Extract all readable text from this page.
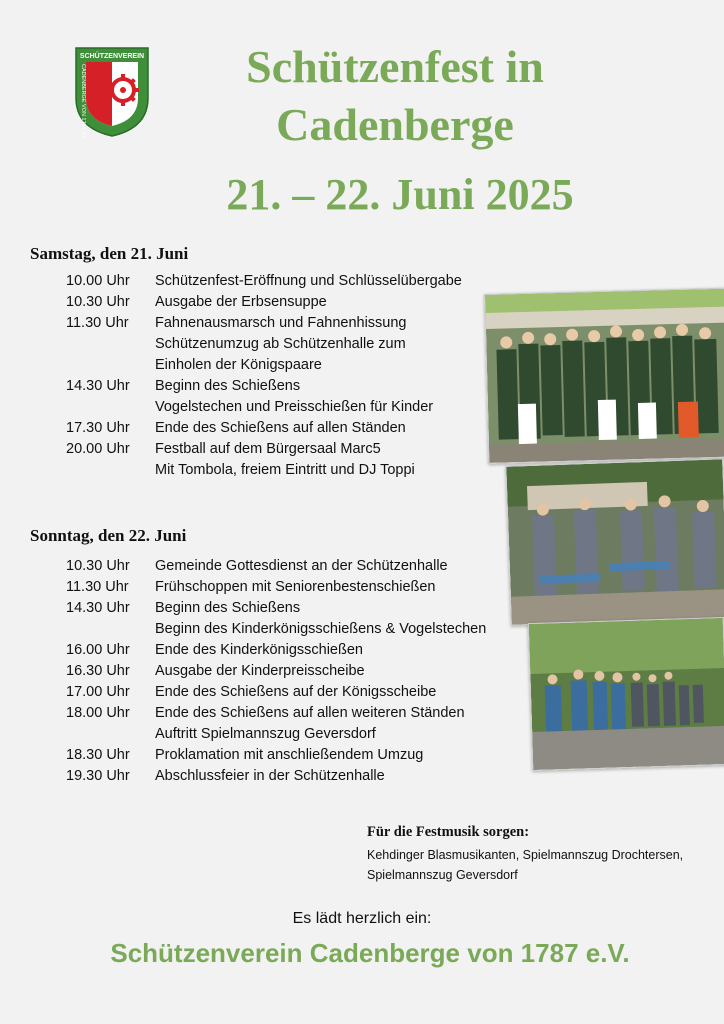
SCHÜTZENVEREIN
CADENBERGE VON 1787 e.V.	Schützenfest in
Cadenberge
21. – 22. Juni 2025
Samstag, den 21. Juni
10.00 Uhr Schützenfest-Eröffnung und Schlüsselübergabe
10.30 Uhr Ausgabe der Erbsensuppe
11.30 Uhr Fahnenausmarsch und Fahnenhissung
Schützenumzug ab Schützenhalle zum
Einholen der Königspaare
14.30 Uhr Beginn des Schießens
Vogelstechen und Preisschießen für Kinder
17.30 Uhr Ende des Schießens auf allen Ständen
20.00 Uhr Festball auf dem Bürgersaal Marc5
Mit Tombola, freiem Eintritt und DJ Toppi
Sonntag, den 22. Juni
10.30 Uhr Gemeinde Gottesdienst an der Schützenhalle
11.30 Uhr Frühschoppen mit Seniorenbestenschießen
14.30 Uhr Beginn des Schießens
Beginn des Kinderkönigsschießens & Vogelstechen
16.00 Uhr Ende des Kinderkönigsschießen
16.30 Uhr Ausgabe der Kinderpreisscheibe
17.00 Uhr Ende des Schießens auf der Königsscheibe
18.00 Uhr Ende des Schießens auf allen weiteren Ständen
Auftritt Spielmannszug Geversdorf
18.30 Uhr Proklamation mit anschließendem Umzug
19.30 Uhr Abschlussfeier in der Schützenhalle
Für die Festmusik sorgen:
Kehdinger Blasmusikanten, Spielmannszug Drochtersen,
Spielmannszug Geversdorf
Es lädt herzlich ein:
Schützenverein Cadenberge von 1787 e.V.
